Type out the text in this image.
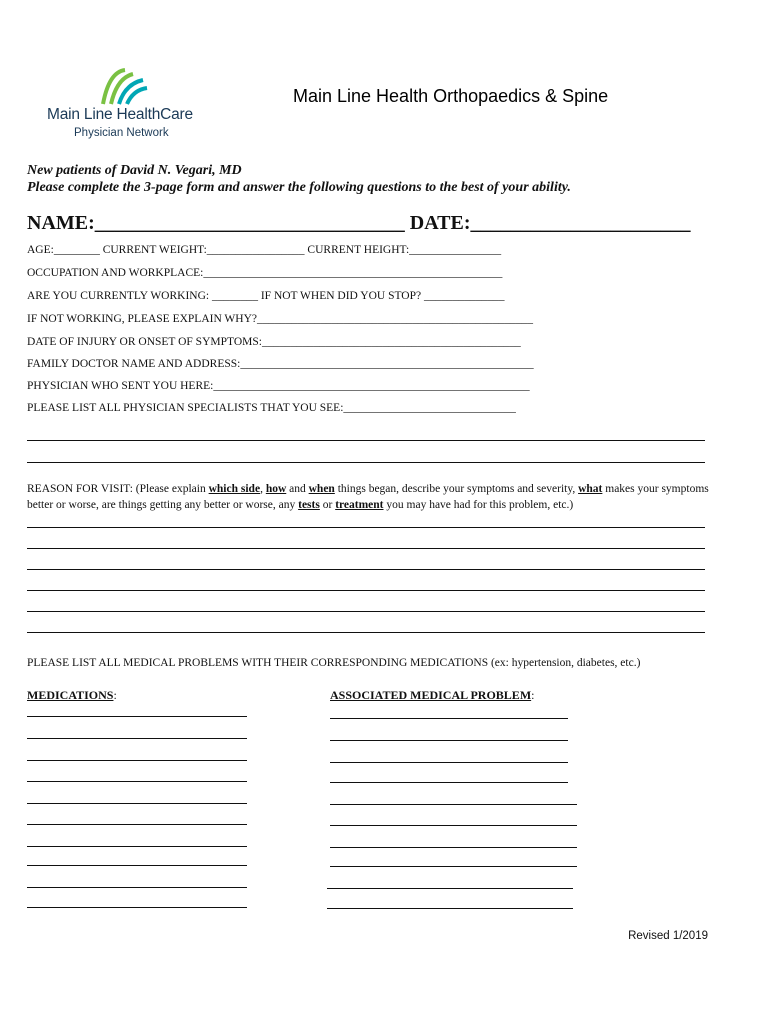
Main Line HealthCare
Physician Network
Main Line Health Orthopaedics & Spine
New patients of David N. Vegari, MD
Please complete the 3-page form and answer the following questions to the best of your ability.
NAME:_______________________________ DATE:______________________
AGE:________ CURRENT WEIGHT:_________________ CURRENT HEIGHT:________________
OCCUPATION AND WORKPLACE:____________________________________________________
ARE YOU CURRENTLY WORKING: ________ IF NOT WHEN DID YOU STOP? ______________
IF NOT WORKING, PLEASE EXPLAIN WHY?________________________________________________
DATE OF INJURY OR ONSET OF SYMPTOMS:_____________________________________________
FAMILY DOCTOR NAME AND ADDRESS:___________________________________________________
PHYSICIAN WHO SENT YOU HERE:_______________________________________________________
PLEASE LIST ALL PHYSICIAN SPECIALISTS THAT YOU SEE:______________________________
REASON FOR VISIT: (Please explain which side, how and when things began, describe your symptoms and severity, what makes your symptoms better or worse, are things getting any better or worse, any tests or treatment you may have had for this problem, etc.)
PLEASE LIST ALL MEDICAL PROBLEMS WITH THEIR CORRESPONDING MEDICATIONS (ex: hypertension, diabetes, etc.)
MEDICATIONS:	ASSOCIATED MEDICAL PROBLEM:
Revised 1/2019
